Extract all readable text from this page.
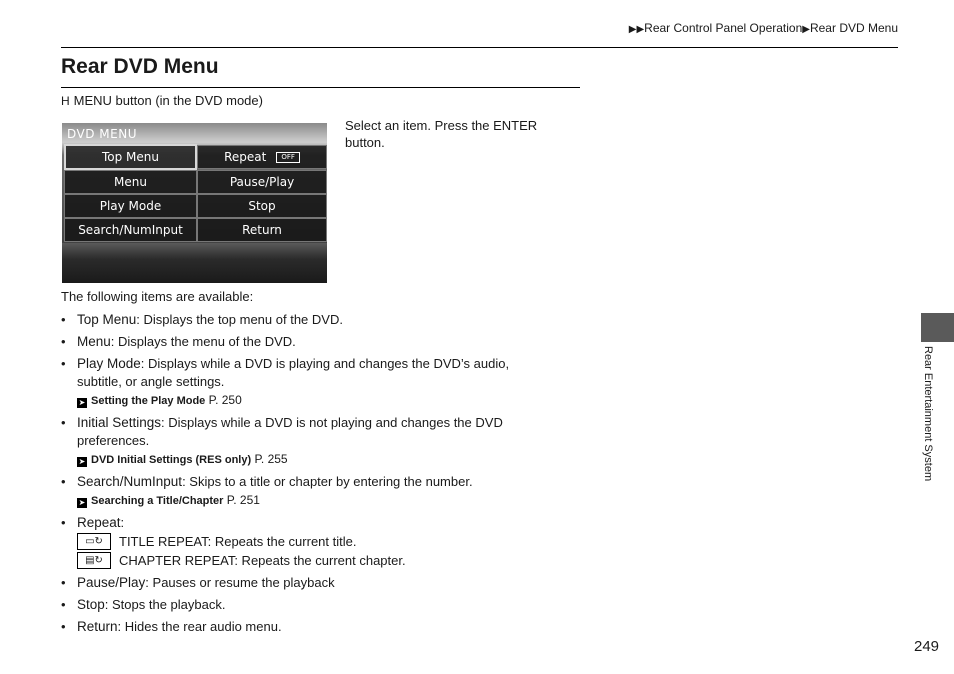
▶▶Rear Control Panel Operation▶Rear DVD Menu
Rear DVD Menu
H MENU button (in the DVD mode)
DVD MENU
Top Menu	Repeat	OFF
Menu	Pause/Play
Play Mode	Stop
Search/NumInput	Return
Select an item. Press the ENTER button.
The following items are available:
• Top Menu: Displays the top menu of the DVD.
• Menu: Displays the menu of the DVD.
• Play Mode: Displays while a DVD is playing and changes the DVD’s audio, subtitle, or angle settings.
➤ Setting the Play Mode P. 250
• Initial Settings: Displays while a DVD is not playing and changes the DVD preferences.
➤ DVD Initial Settings (RES only) P. 255
• Search/NumInput: Skips to a title or chapter by entering the number.
➤ Searching a Title/Chapter P. 251
• Repeat:
▭↻	TITLE REPEAT: Repeats the current title.
▤↻	CHAPTER REPEAT: Repeats the current chapter.
• Pause/Play: Pauses or resume the playback
• Stop: Stops the playback.
• Return: Hides the rear audio menu.
Rear Entertainment System
249
